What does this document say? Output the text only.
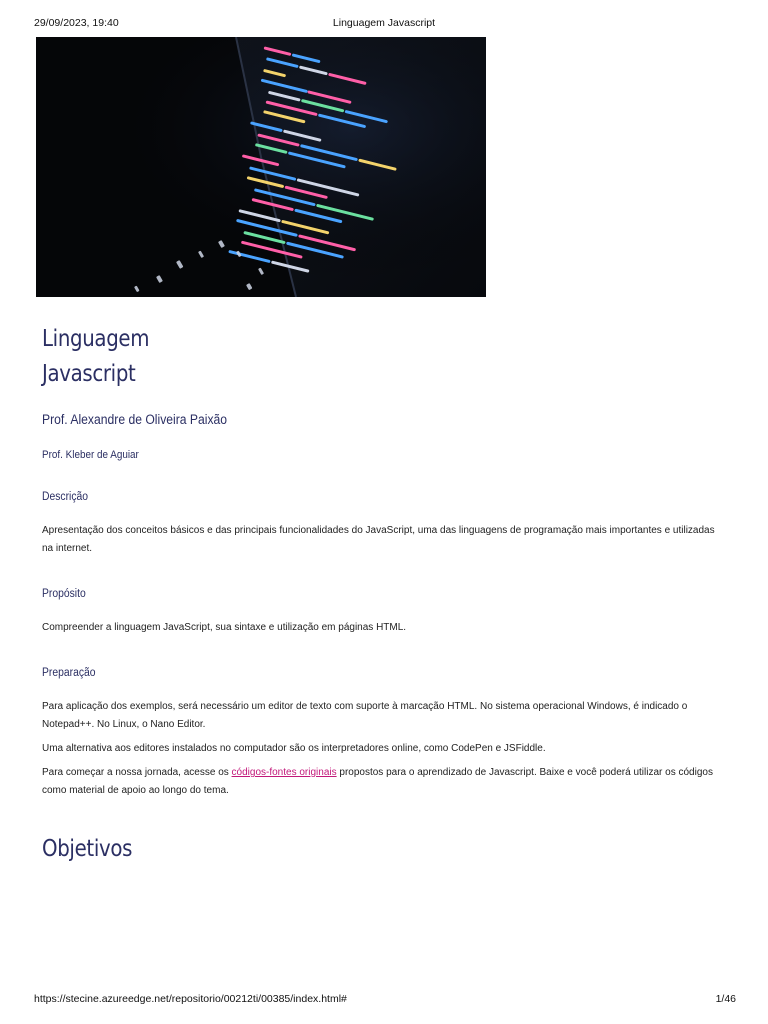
29/09/2023, 19:40	Linguagem Javascript
Linguagem
Javascript
Prof. Alexandre de Oliveira Paixão
Prof. Kleber de Aguiar
Descrição

Apresentação dos conceitos básicos e das principais funcionalidades do JavaScript, uma das linguagens de programação mais importantes e utilizadas na internet.

Propósito

Compreender a linguagem JavaScript, sua sintaxe e utilização em páginas HTML.

Preparação

Para aplicação dos exemplos, será necessário um editor de texto com suporte à marcação HTML. No sistema operacional Windows, é indicado o Notepad++. No Linux, o Nano Editor.

Uma alternativa aos editores instalados no computador são os interpretadores online, como CodePen e JSFiddle.

Para começar a nossa jornada, acesse os códigos-fontes originais propostos para o aprendizado de Javascript. Baixe e você poderá utilizar os códigos como material de apoio ao longo do tema.

Objetivos
https://stecine.azureedge.net/repositorio/00212ti/00385/index.html#	1/46
